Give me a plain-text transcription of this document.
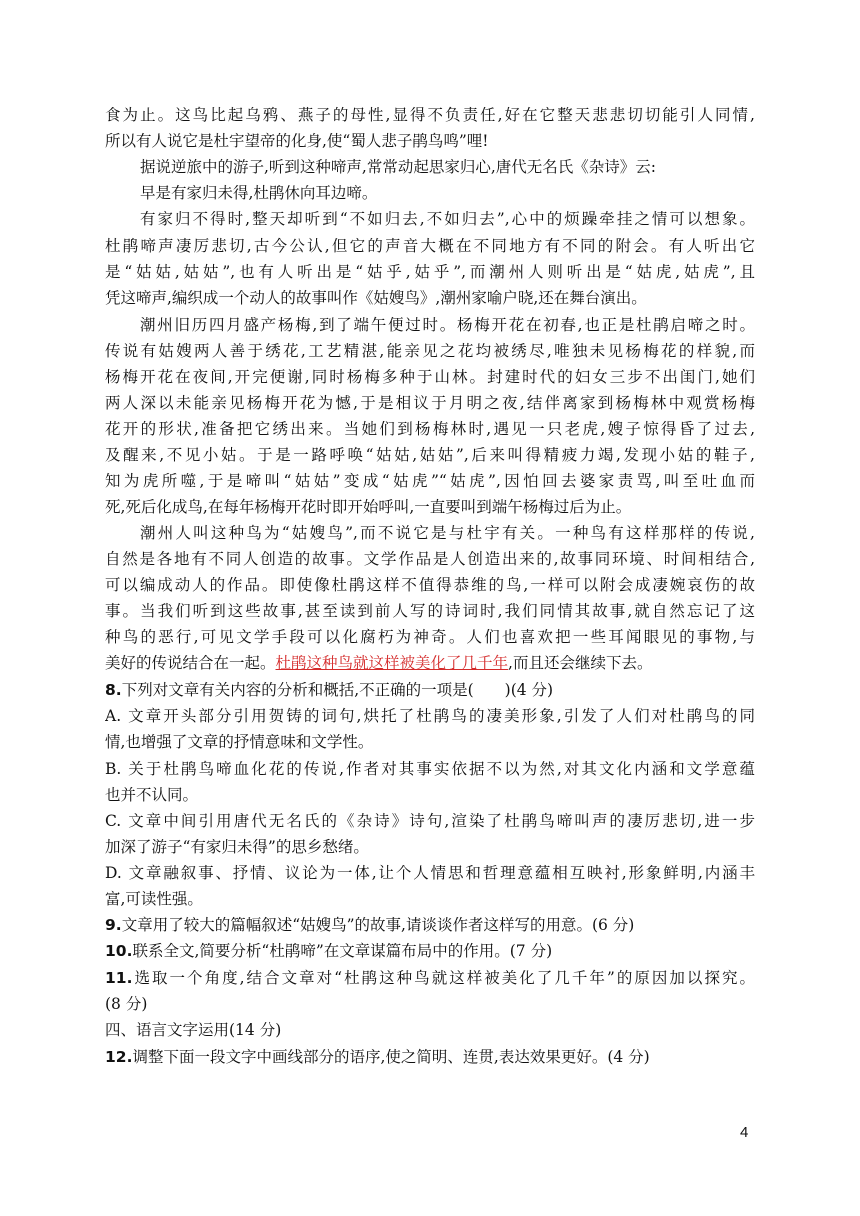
食为止。这鸟比起乌鸦、燕子的母性,显得不负责任,好在它整天悲悲切切能引人同情,
所以有人说它是杜宇望帝的化身,使“蜀人悲子鹃鸟鸣”哩!
据说逆旅中的游子,听到这种啼声,常常动起思家归心,唐代无名氏《杂诗》云:
早是有家归未得,杜鹃休向耳边啼。
有家归不得时,整天却听到“不如归去,不如归去”,心中的烦躁牵挂之情可以想象。
杜鹃啼声凄厉悲切,古今公认,但它的声音大概在不同地方有不同的附会。有人听出它
是“姑姑,姑姑”,也有人听出是“姑乎,姑乎”,而潮州人则听出是“姑虎,姑虎”,且
凭这啼声,编织成一个动人的故事叫作《姑嫂鸟》,潮州家喻户晓,还在舞台演出。
潮州旧历四月盛产杨梅,到了端午便过时。杨梅开花在初春,也正是杜鹃启啼之时。
传说有姑嫂两人善于绣花,工艺精湛,能亲见之花均被绣尽,唯独未见杨梅花的样貌,而
杨梅开花在夜间,开完便谢,同时杨梅多种于山林。封建时代的妇女三步不出闺门,她们
两人深以未能亲见杨梅开花为憾,于是相议于月明之夜,结伴离家到杨梅林中观赏杨梅
花开的形状,准备把它绣出来。当她们到杨梅林时,遇见一只老虎,嫂子惊得昏了过去,
及醒来,不见小姑。于是一路呼唤“姑姑,姑姑”,后来叫得精疲力竭,发现小姑的鞋子,
知为虎所噬,于是啼叫“姑姑”变成“姑虎”“姑虎”,因怕回去婆家责骂,叫至吐血而
死,死后化成鸟,在每年杨梅开花时即开始呼叫,一直要叫到端午杨梅过后为止。
潮州人叫这种鸟为“姑嫂鸟”,而不说它是与杜宇有关。一种鸟有这样那样的传说,
自然是各地有不同人创造的故事。文学作品是人创造出来的,故事同环境、时间相结合,
可以编成动人的作品。即使像杜鹃这样不值得恭维的鸟,一样可以附会成凄婉哀伤的故
事。当我们听到这些故事,甚至读到前人写的诗词时,我们同情其故事,就自然忘记了这
种鸟的恶行,可见文学手段可以化腐朽为神奇。人们也喜欢把一些耳闻眼见的事物,与
美好的传说结合在一起。杜鹃这种鸟就这样被美化了几千年,而且还会继续下去。
8.下列对文章有关内容的分析和概括,不正确的一项是(　　)(4 分)
A. 文章开头部分引用贺铸的词句,烘托了杜鹃鸟的凄美形象,引发了人们对杜鹃鸟的同
情,也增强了文章的抒情意味和文学性。
B. 关于杜鹃鸟啼血化花的传说,作者对其事实依据不以为然,对其文化内涵和文学意蕴
也并不认同。
C. 文章中间引用唐代无名氏的《杂诗》诗句,渲染了杜鹃鸟啼叫声的凄厉悲切,进一步
加深了游子“有家归未得”的思乡愁绪。
D. 文章融叙事、抒情、议论为一体,让个人情思和哲理意蕴相互映衬,形象鲜明,内涵丰
富,可读性强。
9.文章用了较大的篇幅叙述“姑嫂鸟”的故事,请谈谈作者这样写的用意。(6 分)
10.联系全文,简要分析“杜鹃啼”在文章谋篇布局中的作用。(7 分)
11.选取一个角度,结合文章对“杜鹃这种鸟就这样被美化了几千年”的原因加以探究。
(8 分)
四、语言文字运用(14 分)
12.调整下面一段文字中画线部分的语序,使之简明、连贯,表达效果更好。(4 分)
4
